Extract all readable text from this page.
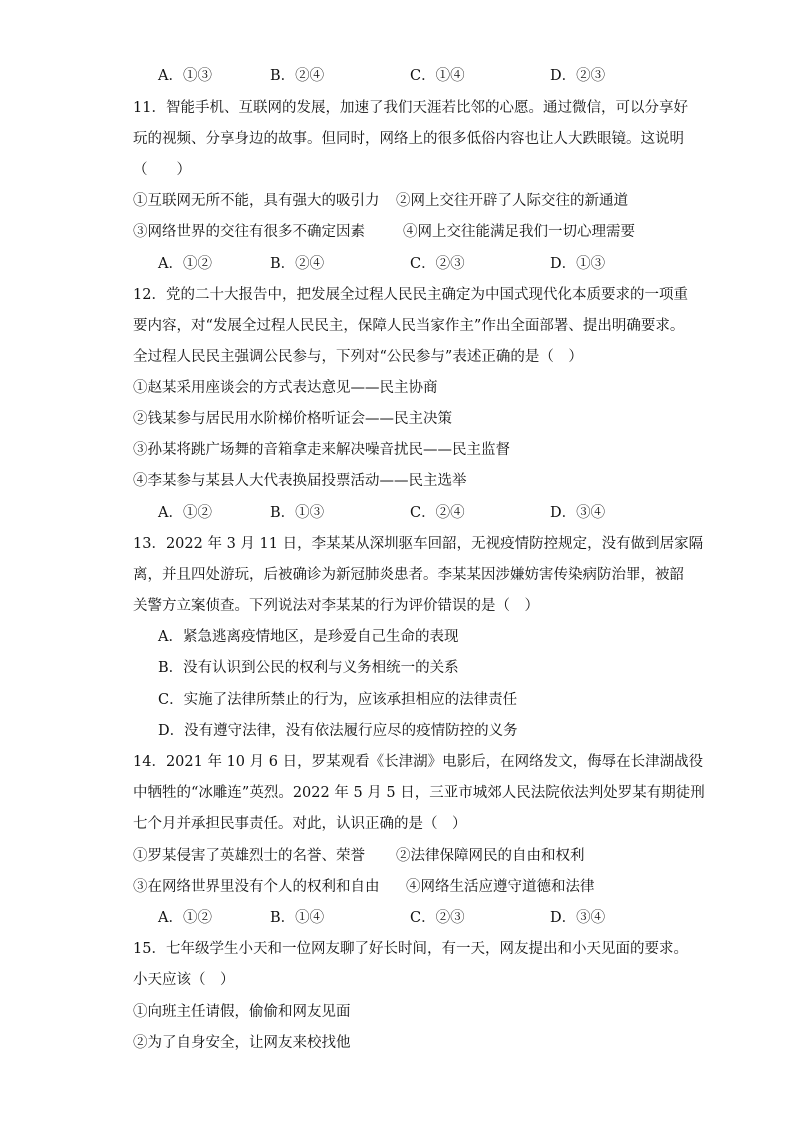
A．①③	B．②④	C．①④	D．②③
11．智能手机、互联网的发展，加速了我们天涯若比邻的心愿。通过微信，可以分享好
玩的视频、分享身边的故事。但同时，网络上的很多低俗内容也让人大跌眼镜。这说明
（　　）
①互联网无所不能，具有强大的吸引力 ②网上交往开辟了人际交往的新通道
③网络世界的交往有很多不确定因素	④网上交往能满足我们一切心理需要
A．①②	B．②④	C．②③	D．①③
12．党的二十大报告中，把发展全过程人民民主确定为中国式现代化本质要求的一项重
要内容，对“发展全过程人民民主，保障人民当家作主”作出全面部署、提出明确要求。
全过程人民民主强调公民参与，下列对“公民参与”表述正确的是（　）
①赵某采用座谈会的方式表达意见——民主协商
②钱某参与居民用水阶梯价格听证会——民主决策
③孙某将跳广场舞的音箱拿走来解决噪音扰民——民主监督
④李某参与某县人大代表换届投票活动——民主选举
A．①②	B．①③	C．②④	D．③④
13．2022 年 3 月 11 日，李某某从深圳驱车回韶，无视疫情防控规定，没有做到居家隔
离，并且四处游玩，后被确诊为新冠肺炎患者。李某某因涉嫌妨害传染病防治罪，被韶
关警方立案侦查。下列说法对李某某的行为评价错误的是（　）
A．紧急逃离疫情地区，是珍爱自己生命的表现
B．没有认识到公民的权利与义务相统一的关系
C．实施了法律所禁止的行为，应该承担相应的法律责任
D．没有遵守法律，没有依法履行应尽的疫情防控的义务
14．2021 年 10 月 6 日，罗某观看《长津湖》电影后，在网络发文，侮辱在长津湖战役
中牺牲的“冰雕连”英烈。2022 年 5 月 5 日，三亚市城郊人民法院依法判处罗某有期徒刑
七个月并承担民事责任。对此，认识正确的是（　）
①罗某侵害了英雄烈士的名誉、荣誉 ②法律保障网民的自由和权利
③在网络世界里没有个人的权利和自由 ④网络生活应遵守道德和法律
A．①②	B．①④	C．②③	D．③④
15．七年级学生小天和一位网友聊了好长时间，有一天，网友提出和小天见面的要求。
小天应该（　）
①向班主任请假，偷偷和网友见面
②为了自身安全，让网友来校找他
